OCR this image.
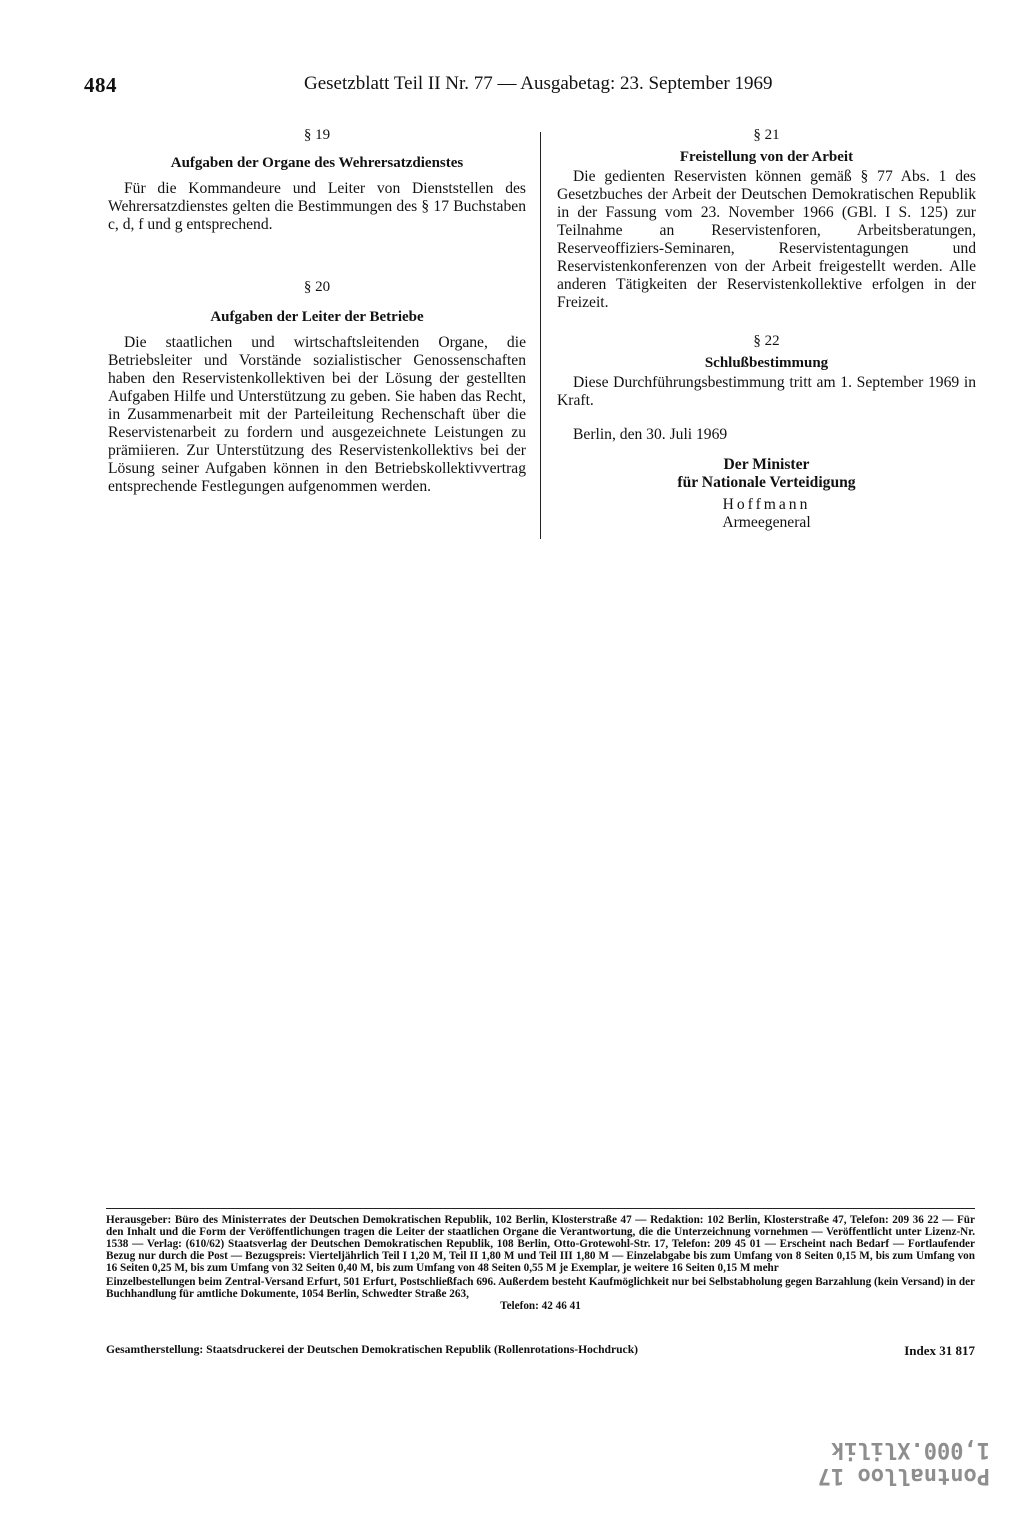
484	Gesetzblatt Teil II Nr. 77 — Ausgabetag: 23. September 1969
§ 19
Aufgaben der Organe des Wehrersatzdienstes
Für die Kommandeure und Leiter von Dienststellen des Wehrersatzdienstes gelten die Bestimmungen des § 17 Buchstaben c, d, f und g entsprechend.
§ 20
Aufgaben der Leiter der Betriebe
Die staatlichen und wirtschaftsleitenden Organe, die Betriebsleiter und Vorstände sozialistischer Genossenschaften haben den Reservistenkollektiven bei der Lösung der gestellten Aufgaben Hilfe und Unterstützung zu geben. Sie haben das Recht, in Zusammenarbeit mit der Parteileitung Rechenschaft über die Reservistenarbeit zu fordern und ausgezeichnete Leistungen zu prämiieren. Zur Unterstützung des Reservistenkollektivs bei der Lösung seiner Aufgaben können in den Betriebskollektivvertrag entsprechende Festlegungen aufgenommen werden.
§ 21
Freistellung von der Arbeit
Die gedienten Reservisten können gemäß § 77 Abs. 1 des Gesetzbuches der Arbeit der Deutschen Demokratischen Republik in der Fassung vom 23. November 1966 (GBl. I S. 125) zur Teilnahme an Reservistenforen, Arbeitsberatungen, Reserveoffiziers-Seminaren, Reservistentagungen und Reservistenkonferenzen von der Arbeit freigestellt werden. Alle anderen Tätigkeiten der Reservistenkollektive erfolgen in der Freizeit.
§ 22
Schlußbestimmung
Diese Durchführungsbestimmung tritt am 1. September 1969 in Kraft.
Berlin, den 30. Juli 1969
Der Minister
für Nationale Verteidigung
Hoffmann
Armeegeneral

Herausgeber: Büro des Ministerrates der Deutschen Demokratischen Republik, 102 Berlin, Klosterstraße 47 — Redaktion: 102 Berlin, Klosterstraße 47, Telefon: 209 36 22 — Für den Inhalt und die Form der Veröffentlichungen tragen die Leiter der staatlichen Organe die Verantwortung, die die Unterzeichnung vornehmen — Veröffentlicht unter Lizenz-Nr. 1538 — Verlag: (610/62) Staatsverlag der Deutschen Demokratischen Republik, 108 Berlin, Otto-Grotewohl-Str. 17, Telefon: 209 45 01 — Erscheint nach Bedarf — Fortlaufender Bezug nur durch die Post — Bezugspreis: Vierteljährlich Teil I 1,20 M, Teil II 1,80 M und Teil III 1,80 M — Einzelabgabe bis zum Umfang von 8 Seiten 0,15 M, bis zum Umfang von 16 Seiten 0,25 M, bis zum Umfang von 32 Seiten 0,40 M, bis zum Umfang von 48 Seiten 0,55 M je Exemplar, je weitere 16 Seiten 0,15 M mehr

Einzelbestellungen beim Zentral-Versand Erfurt, 501 Erfurt, Postschließfach 696. Außerdem besteht Kaufmöglichkeit nur bei Selbstabholung gegen Barzahlung (kein Versand) in der Buchhandlung für amtliche Dokumente, 1054 Berlin, Schwedter Straße 263,

Telefon: 42 46 41

Gesamtherstellung: Staatsdruckerei der Deutschen Demokratischen Republik (Rollenrotations-Hochdruck)	Index 31 817
Pontnalloo 17
1,000.Xlilik
